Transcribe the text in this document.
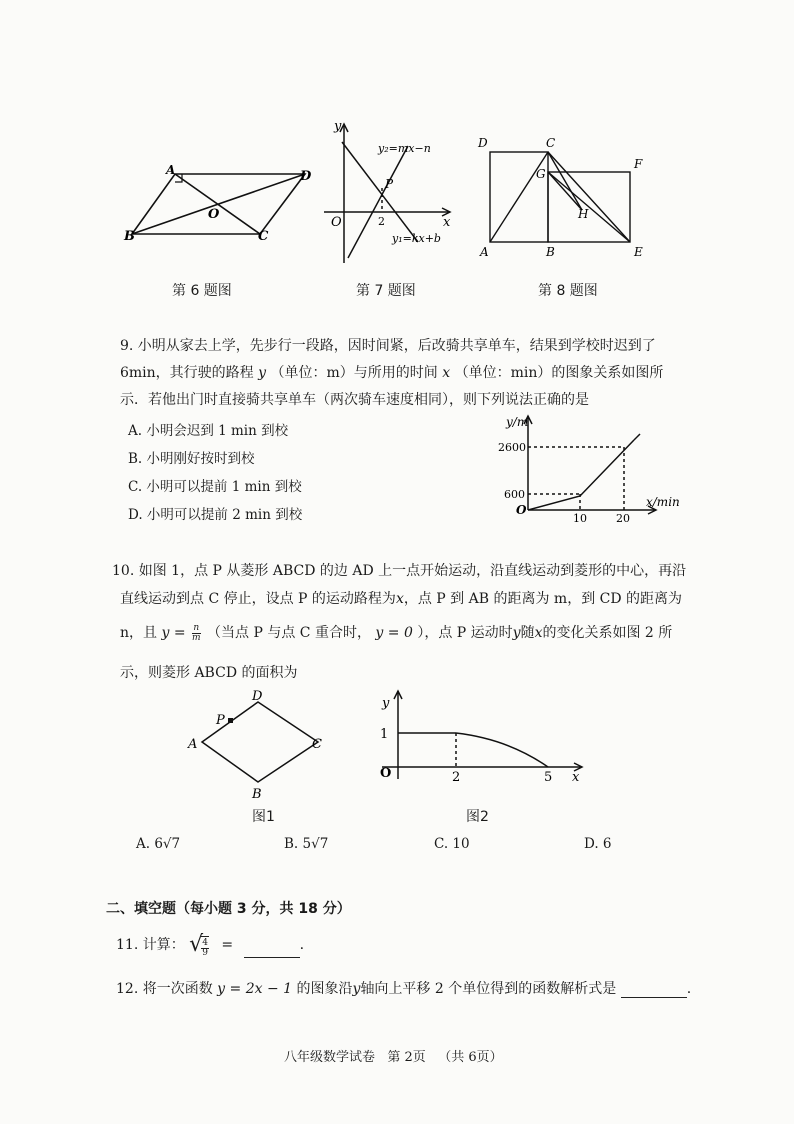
A	D
B	C
O
第 6 题图
y
x
O
P
2
y₂=mx−n
y₁=kx+b
第 7 题图
D	C
F
G
H
A	B	E
第 8 题图
9. 小明从家去上学，先步行一段路，因时间紧，后改骑共享单车，结果到学校时迟到了
6min，其行驶的路程 y （单位：m）与所用的时间 x （单位：min）的图象关系如图所
示．若他出门时直接骑共享单车（两次骑车速度相同），则下列说法正确的是
A. 小明会迟到 1 min 到校
B. 小明刚好按时到校
C. 小明可以提前 1 min 到校
D. 小明可以提前 2 min 到校
y/m
x/min
O
2600
600
10	20
10. 如图 1，点 P 从菱形 ABCD 的边 AD 上一点开始运动，沿直线运动到菱形的中心，再沿
直线运动到点 C 停止，设点 P 的运动路程为x，点 P 到 AB 的距离为 m，到 CD 的距离为
n，且 $y = \frac{n}{m}$ （当点 P 与点 C 重合时， y = 0 ），点 P 运动时y随x的变化关系如图 2 所
示，则菱形 ABCD 的面积为
D
P
A	C
B
图1
y
1
O	2	5 x
图2
A. 6√7	B. 5√7	C. 10	D. 6
二、填空题（每小题 3 分，共 18 分）
11. 计算： √
$\frac{4}{9}$ =	.
12. 将一次函数 y = 2x − 1 的图象沿y轴向上平移 2 个单位得到的函数解析式是	.
八年级数学试卷   第 2页   （共 6页）
